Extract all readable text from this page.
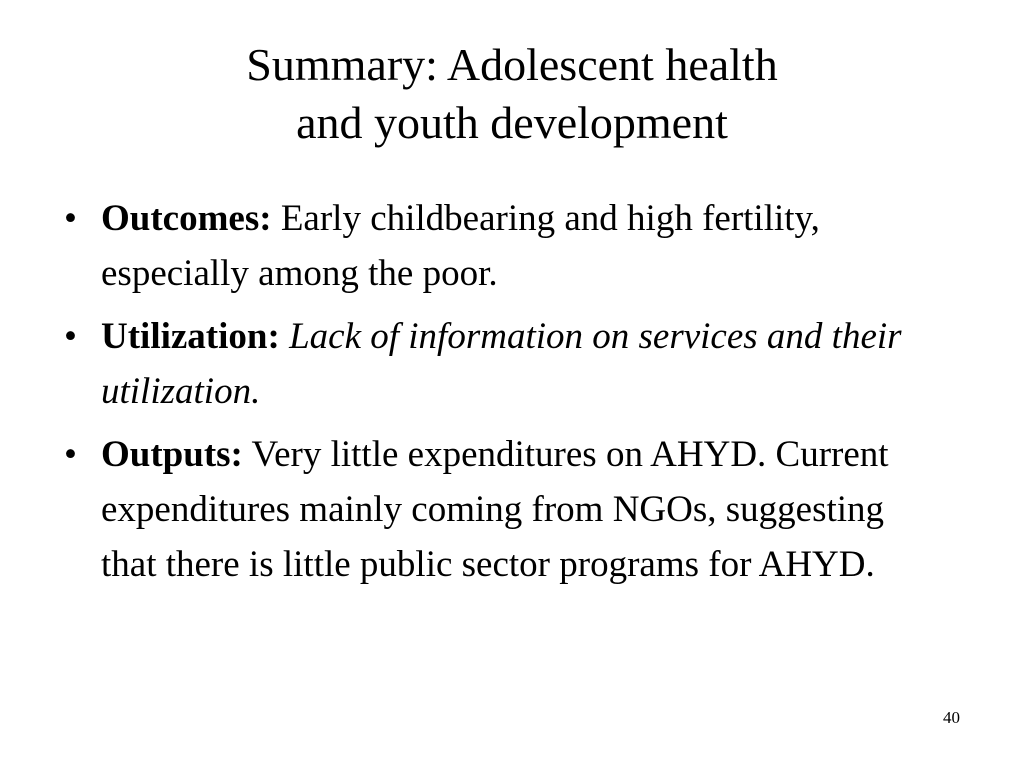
Summary: Adolescent health
and youth development
• Outcomes: Early childbearing and high fertility, especially among the poor.
• Utilization: Lack of information on services and their utilization.
• Outputs: Very little expenditures on AHYD. Current expenditures mainly coming from NGOs, suggesting that there is little public sector programs for AHYD.
40
